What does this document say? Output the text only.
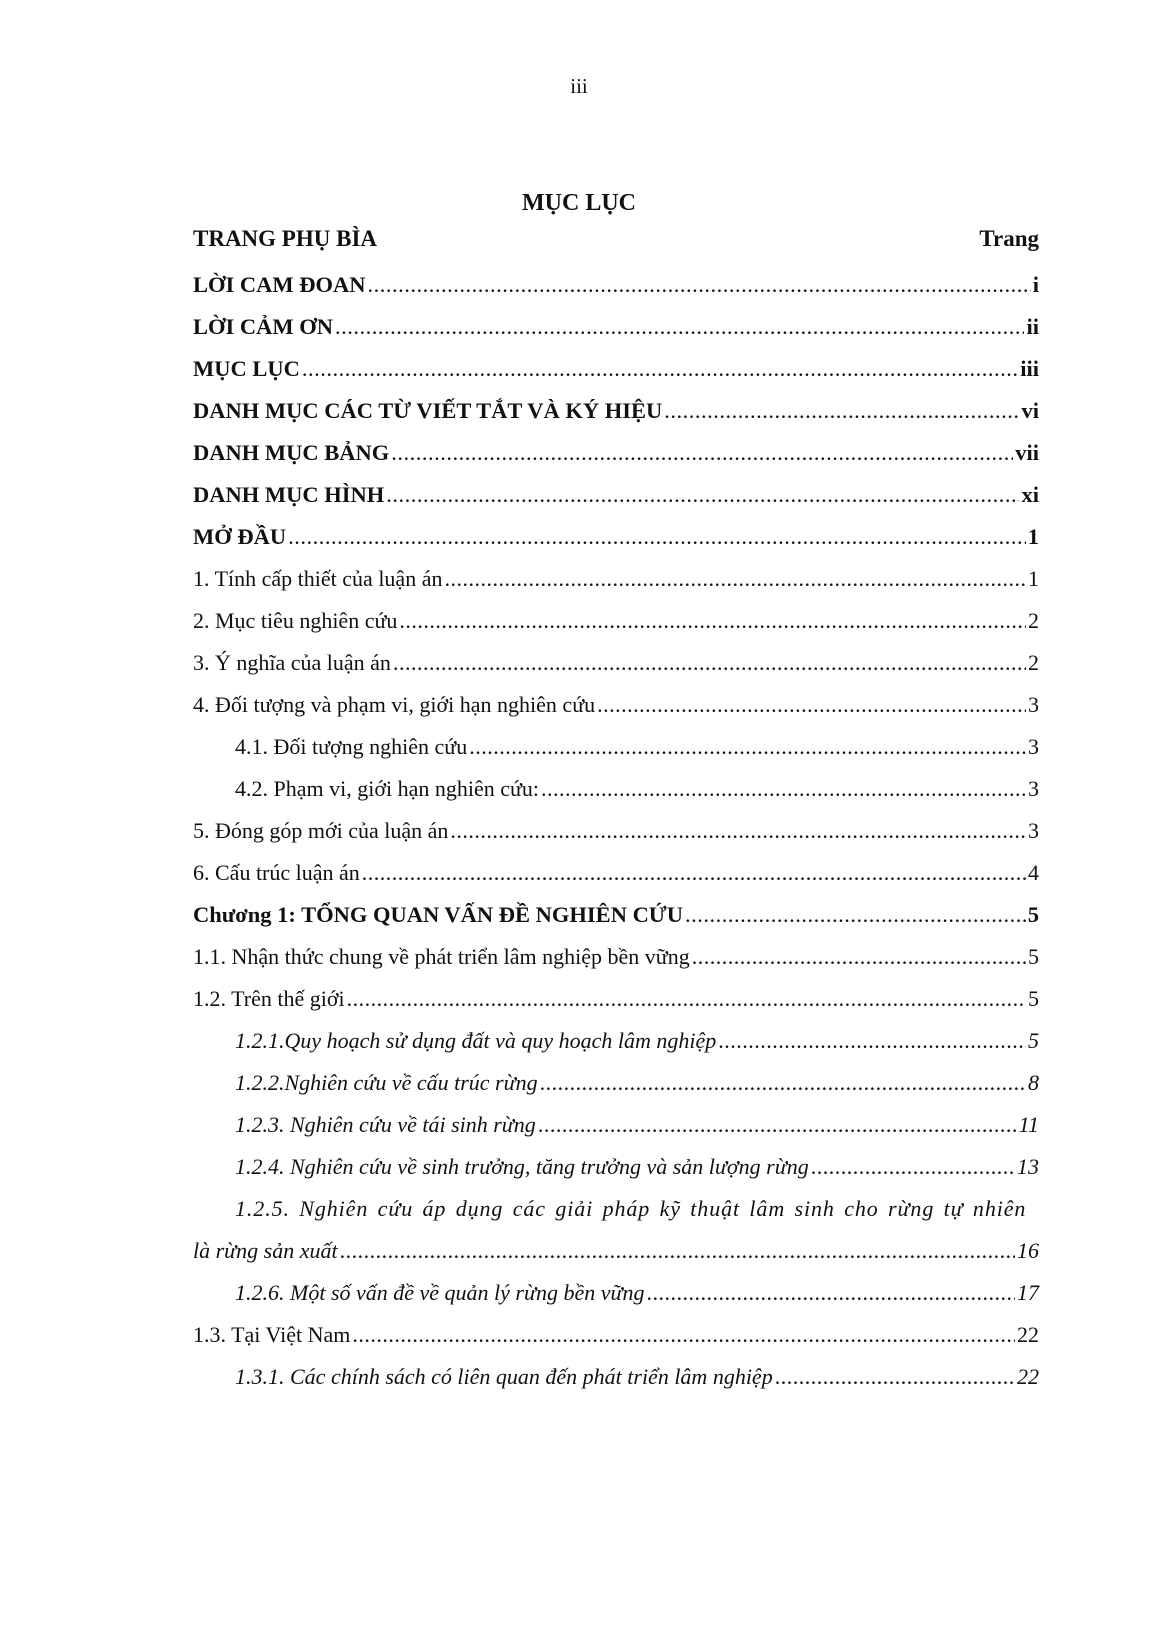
iii
MỤC LỤC
TRANG PHỤ BÌA	Trang
LỜI CAM ĐOAN .....	i
LỜI CẢM ƠN .....	ii
MỤC LỤC .....	iii
DANH MỤC CÁC TỪ VIẾT TẮT VÀ KÝ HIỆU .....	vi
DANH MỤC BẢNG .....	vii
DANH MỤC HÌNH .....	xi
MỞ ĐẦU .....	1
1. Tính cấp thiết của luận án .....	1
2. Mục tiêu nghiên cứu .....	2
3. Ý nghĩa của luận án .....	2
4. Đối tượng và phạm vi, giới hạn nghiên cứu .....	3
4.1. Đối tượng nghiên cứu .....	3
4.2. Phạm vi, giới hạn nghiên cứu: .....	3
5. Đóng góp mới của luận án .....	3
6. Cấu trúc luận án .....	4
Chương 1: TỔNG QUAN VẤN ĐỀ NGHIÊN CỨU .....	5
1.1. Nhận thức chung về phát triển lâm nghiệp bền vững .....	5
1.2. Trên thế giới .....	5
1.2.1.Quy hoạch sử dụng đất và quy hoạch lâm nghiệp .....	5
1.2.2.Nghiên cứu về cấu trúc rừng .....	8
1.2.3. Nghiên cứu về tái sinh rừng .....	11
1.2.4. Nghiên cứu về sinh trưởng, tăng trưởng và sản lượng rừng .....	13
1.2.5. Nghiên cứu áp dụng các giải pháp kỹ thuật lâm sinh cho rừng tự nhiên
là rừng sản xuất .....	16
1.2.6. Một số vấn đề về quản lý rừng bền vững .....	17
1.3. Tại Việt Nam .....	22
1.3.1. Các chính sách có liên quan đến phát triển lâm nghiệp .....	22
